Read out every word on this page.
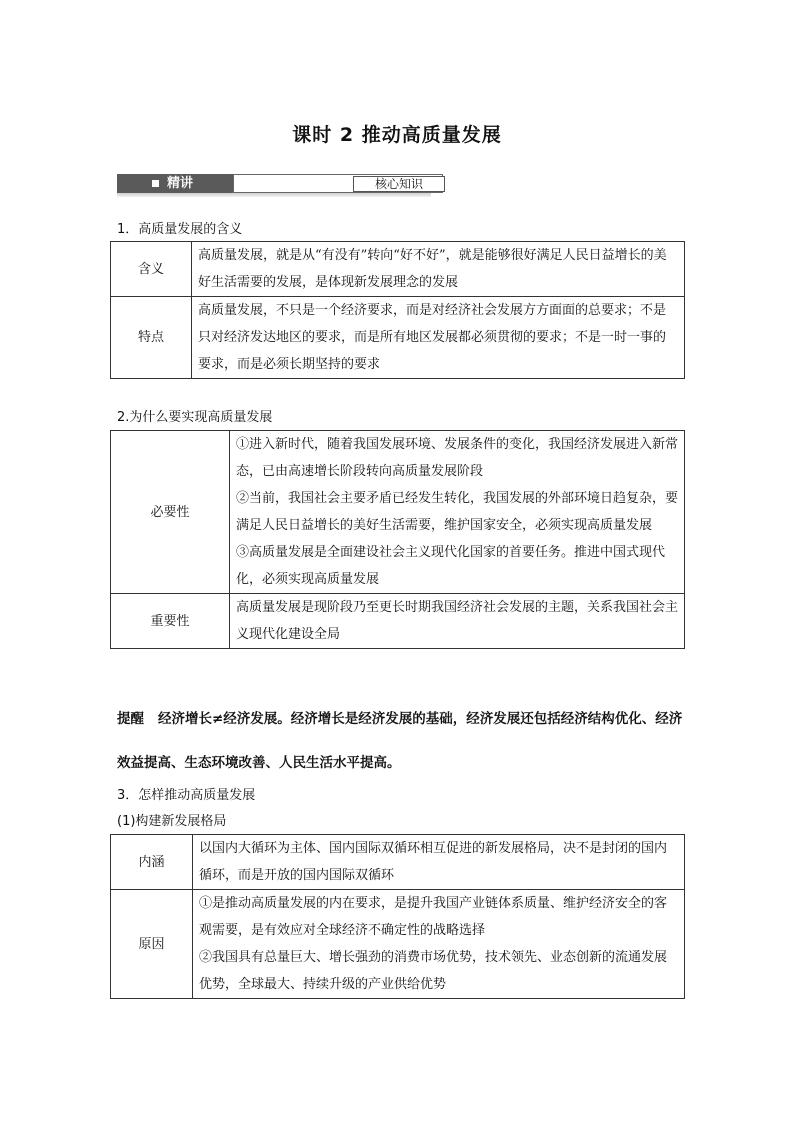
课时 2 推动高质量发展
精讲	核心知识
1．高质量发展的含义
含义	高质量发展，就是从“有没有”转向“好不好”，就是能够很好满足人民日益增长的美好生活需要的发展，是体现新发展理念的发展
特点	高质量发展，不只是一个经济要求，而是对经济社会发展方方面面的总要求；不是只对经济发达地区的要求，而是所有地区发展都必须贯彻的要求；不是一时一事的要求，而是必须长期坚持的要求
2.为什么要实现高质量发展
必要性	①进入新时代，随着我国发展环境、发展条件的变化，我国经济发展进入新常态，已由高速增长阶段转向高质量发展阶段
②当前，我国社会主要矛盾已经发生转化，我国发展的外部环境日趋复杂，要满足人民日益增长的美好生活需要，维护国家安全，必须实现高质量发展
③高质量发展是全面建设社会主义现代化国家的首要任务。推进中国式现代化，必须实现高质量发展

重要性	高质量发展是现阶段乃至更长时期我国经济社会发展的主题，关系我国社会主义现代化建设全局
提醒 经济增长≠经济发展。经济增长是经济发展的基础，经济发展还包括经济结构优化、经济效益提高、生态环境改善、人民生活水平提高。
3．怎样推动高质量发展
(1)构建新发展格局
内涵	以国内大循环为主体、国内国际双循环相互促进的新发展格局，决不是封闭的国内循环，而是开放的国内国际双循环
原因	①是推动高质量发展的内在要求，是提升我国产业链体系质量、维护经济安全的客观需要，是有效应对全球经济不确定性的战略选择
②我国具有总量巨大、增长强劲的消费市场优势，技术领先、业态创新的流通发展优势，全球最大、持续升级的产业供给优势
